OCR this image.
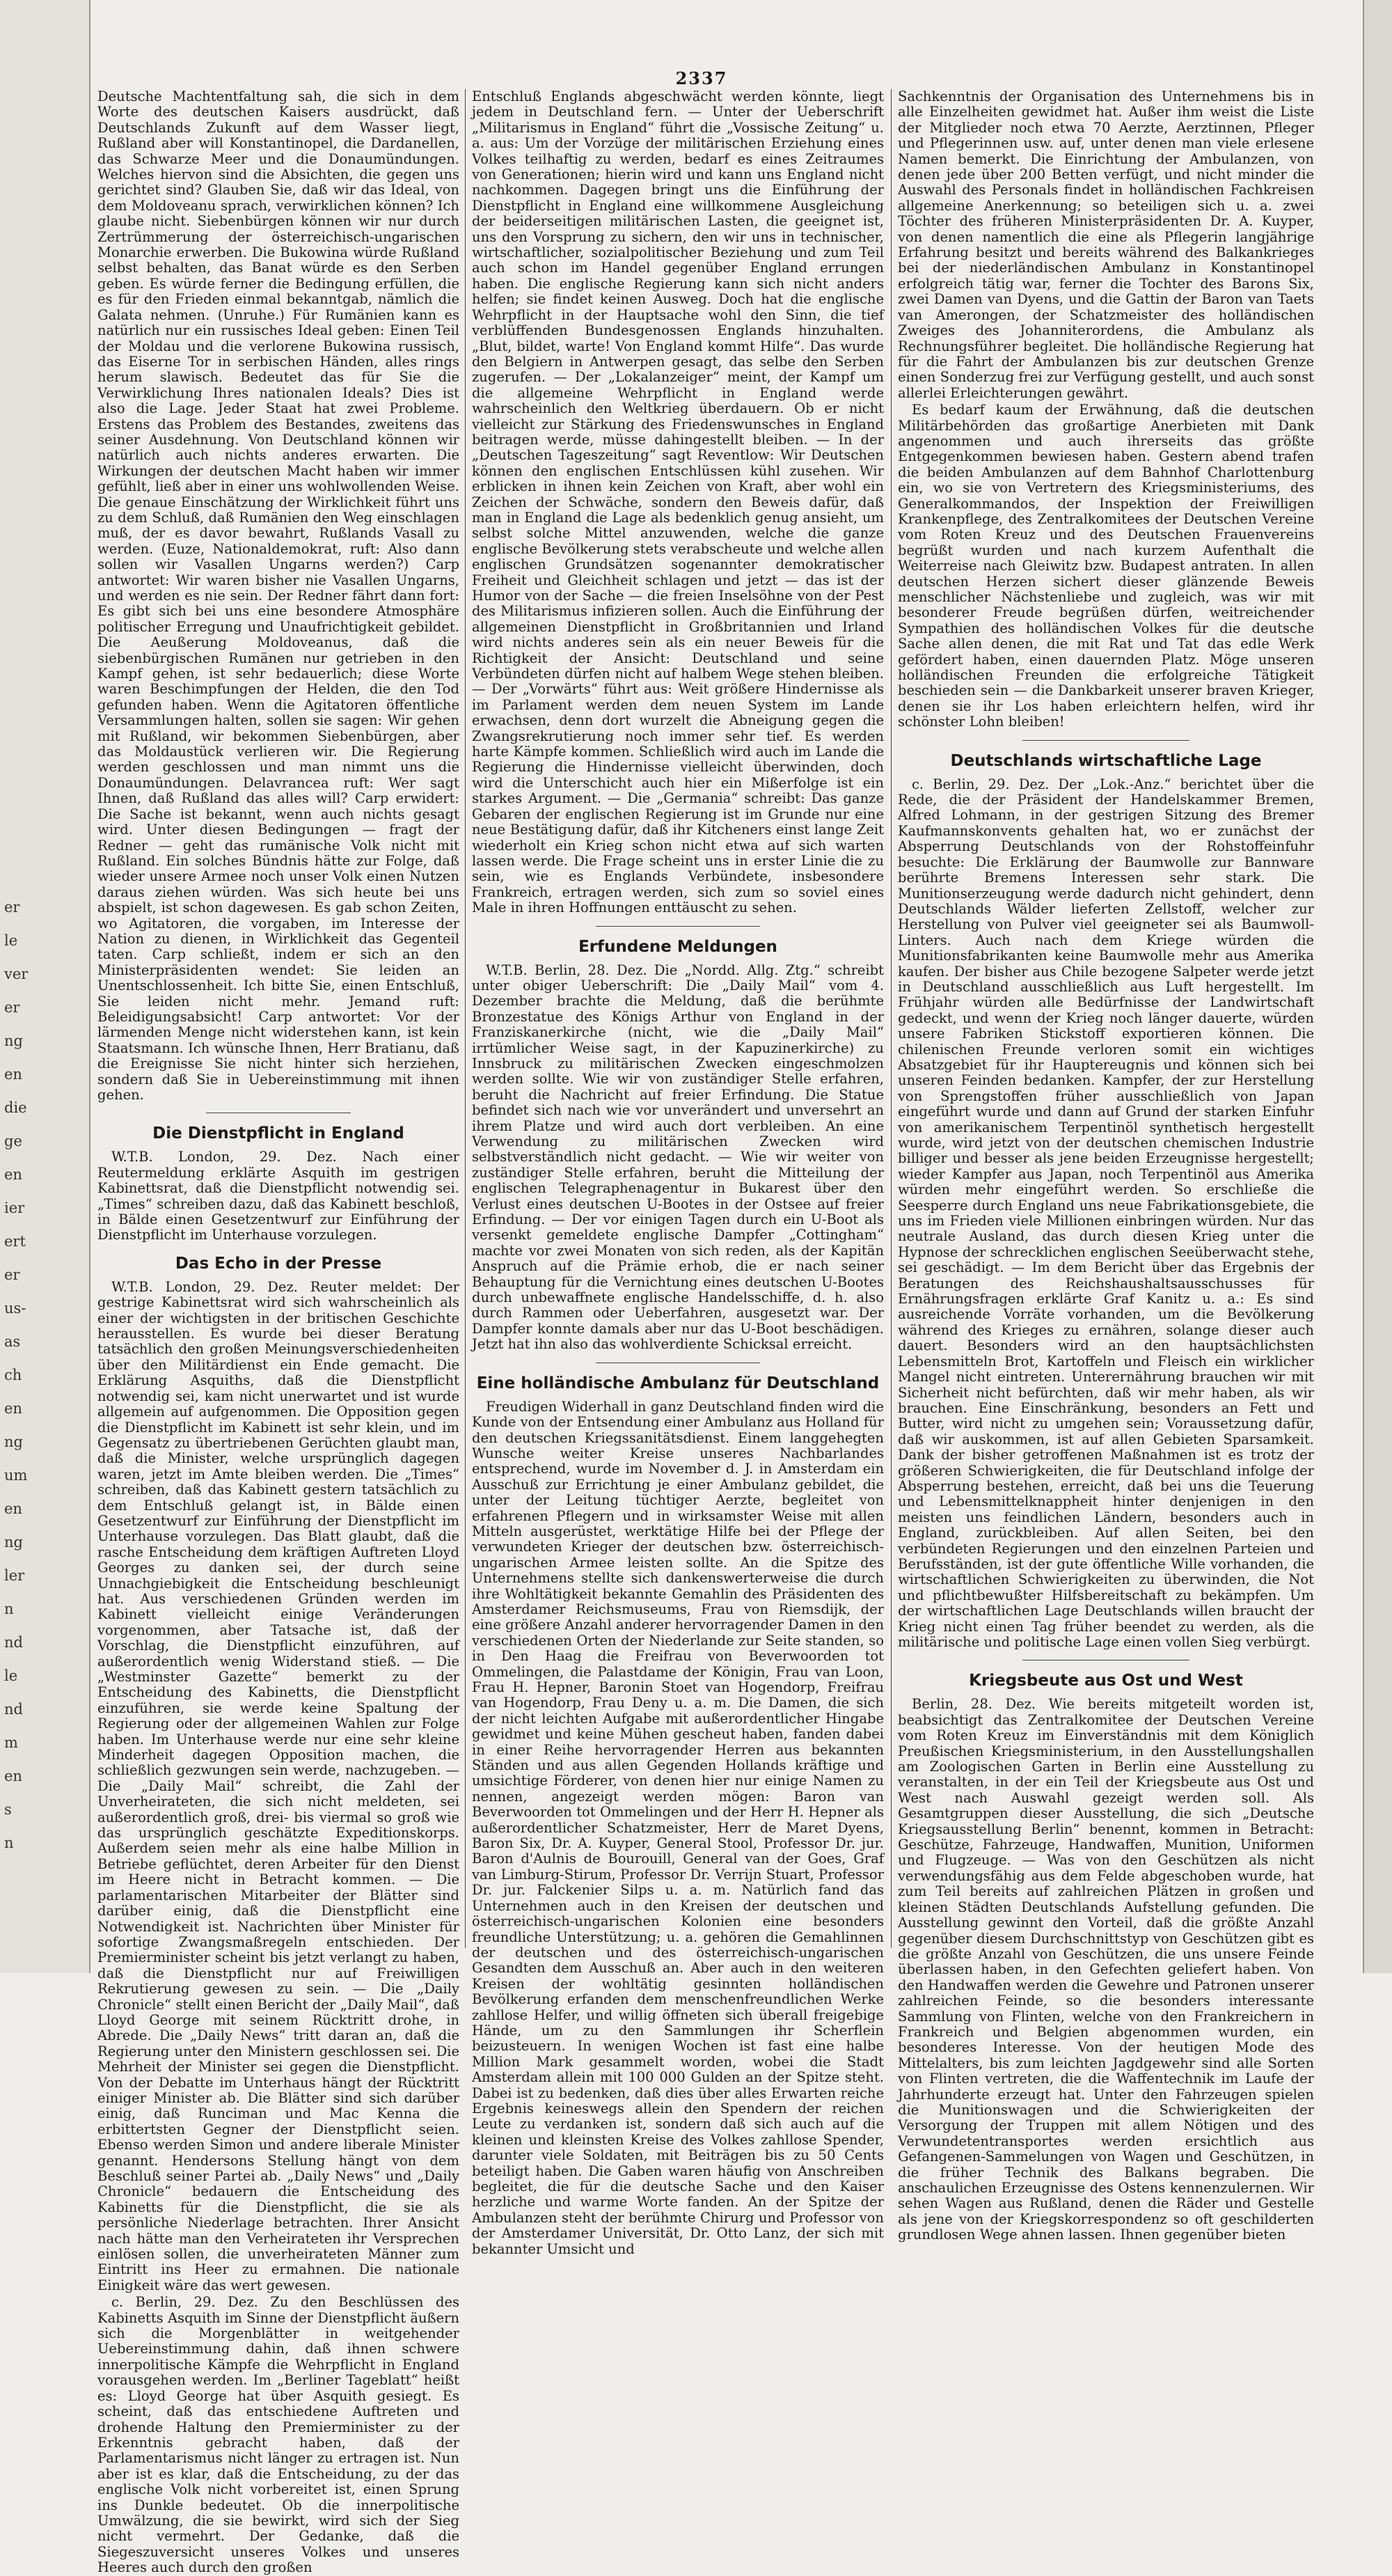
er
le
ver
er
ng
en
die
ge
en
ier
ert
er
us-
as
ch
en
ng
um
en
ng
ler
n
nd
le
nd
m
en
s
n
2337

Deutsche Machtentfaltung sah, die sich in dem Worte des deutschen Kaisers ausdrückt, daß Deutschlands Zukunft auf dem Wasser liegt, Rußland aber will Konstantinopel, die Dardanellen, das Schwarze Meer und die Donaumündungen. Welches hiervon sind die Absichten, die gegen uns gerichtet sind? Glauben Sie, daß wir das Ideal, von dem Moldoveanu sprach, verwirklichen können? Ich glaube nicht. Siebenbürgen können wir nur durch Zertrümmerung der österreichisch-ungarischen Monarchie erwerben. Die Bukowina würde Rußland selbst behalten, das Banat würde es den Serben geben. Es würde ferner die Bedingung erfüllen, die es für den Frieden einmal bekanntgab, nämlich die Galata nehmen. (Unruhe.) Für Rumänien kann es natürlich nur ein russisches Ideal geben: Einen Teil der Moldau und die verlorene Bukowina russisch, das Eiserne Tor in serbischen Händen, alles rings herum slawisch. Bedeutet das für Sie die Verwirklichung Ihres nationalen Ideals? Dies ist also die Lage. Jeder Staat hat zwei Probleme. Erstens das Problem des Bestandes, zweitens das seiner Ausdehnung. Von Deutschland können wir natürlich auch nichts anderes erwarten. Die Wirkungen der deutschen Macht haben wir immer gefühlt, ließ aber in einer uns wohlwollenden Weise. Die genaue Einschätzung der Wirklichkeit führt uns zu dem Schluß, daß Rumänien den Weg einschlagen muß, der es davor bewahrt, Rußlands Vasall zu werden. (Euze, Nationaldemokrat, ruft: Also dann sollen wir Vasallen Ungarns werden?) Carp antwortet: Wir waren bisher nie Vasallen Ungarns, und werden es nie sein. Der Redner fährt dann fort: Es gibt sich bei uns eine besondere Atmosphäre politischer Erregung und Unaufrichtigkeit gebildet. Die Aeußerung Moldoveanus, daß die siebenbürgischen Rumänen nur getrieben in den Kampf gehen, ist sehr bedauerlich; diese Worte waren Beschimpfungen der Helden, die den Tod gefunden haben. Wenn die Agitatoren öffentliche Versammlungen halten, sollen sie sagen: Wir gehen mit Rußland, wir bekommen Siebenbürgen, aber das Moldaustück verlieren wir. Die Regierung werden geschlossen und man nimmt uns die Donaumündungen. Delavrancea ruft: Wer sagt Ihnen, daß Rußland das alles will? Carp erwidert: Die Sache ist bekannt, wenn auch nichts gesagt wird. Unter diesen Bedingungen — fragt der Redner — geht das rumänische Volk nicht mit Rußland. Ein solches Bündnis hätte zur Folge, daß wieder unsere Armee noch unser Volk einen Nutzen daraus ziehen würden. Was sich heute bei uns abspielt, ist schon dagewesen. Es gab schon Zeiten, wo Agitatoren, die vorgaben, im Interesse der Nation zu dienen, in Wirklichkeit das Gegenteil taten. Carp schließt, indem er sich an den Ministerpräsidenten wendet: Sie leiden an Unentschlossenheit. Ich bitte Sie, einen Entschluß, Sie leiden nicht mehr. Jemand ruft: Beleidigungsabsicht! Carp antwortet: Vor der lärmenden Menge nicht widerstehen kann, ist kein Staatsmann. Ich wünsche Ihnen, Herr Bratianu, daß die Ereignisse Sie nicht hinter sich herziehen, sondern daß Sie in Uebereinstimmung mit ihnen gehen.

Die Dienstpflicht in England

W.T.B. London, 29. Dez. Nach einer Reutermeldung erklärte Asquith im gestrigen Kabinettsrat, daß die Dienstpflicht notwendig sei. „Times“ schreiben dazu, daß das Kabinett beschloß, in Bälde einen Gesetzentwurf zur Einführung der Dienstpflicht im Unterhause vorzulegen.

Das Echo in der Presse

W.T.B. London, 29. Dez. Reuter meldet: Der gestrige Kabinettsrat wird sich wahrscheinlich als einer der wichtigsten in der britischen Geschichte herausstellen. Es wurde bei dieser Beratung tatsächlich den großen Meinungsverschiedenheiten über den Militärdienst ein Ende gemacht. Die Erklärung Asquiths, daß die Dienstpflicht notwendig sei, kam nicht unerwartet und ist wurde allgemein auf aufgenommen. Die Opposition gegen die Dienstpflicht im Kabinett ist sehr klein, und im Gegensatz zu übertriebenen Gerüchten glaubt man, daß die Minister, welche ursprünglich dagegen waren, jetzt im Amte bleiben werden. Die „Times“ schreiben, daß das Kabinett gestern tatsächlich zu dem Entschluß gelangt ist, in Bälde einen Gesetzentwurf zur Einführung der Dienstpflicht im Unterhause vorzulegen. Das Blatt glaubt, daß die rasche Entscheidung dem kräftigen Auftreten Lloyd Georges zu danken sei, der durch seine Unnachgiebigkeit die Entscheidung beschleunigt hat. Aus verschiedenen Gründen werden im Kabinett vielleicht einige Veränderungen vorgenommen, aber Tatsache ist, daß der Vorschlag, die Dienstpflicht einzuführen, auf außerordentlich wenig Widerstand stieß. — Die „Westminster Gazette“ bemerkt zu der Entscheidung des Kabinetts, die Dienstpflicht einzuführen, sie werde keine Spaltung der Regierung oder der allgemeinen Wahlen zur Folge haben. Im Unterhause werde nur eine sehr kleine Minderheit dagegen Opposition machen, die schließlich gezwungen sein werde, nachzugeben. — Die „Daily Mail“ schreibt, die Zahl der Unverheirateten, die sich nicht meldeten, sei außerordentlich groß, drei- bis viermal so groß wie das ursprünglich geschätzte Expeditionskorps. Außerdem seien mehr als eine halbe Million in Betriebe geflüchtet, deren Arbeiter für den Dienst im Heere nicht in Betracht kommen. — Die parlamentarischen Mitarbeiter der Blätter sind darüber einig, daß die Dienstpflicht eine Notwendigkeit ist. Nachrichten über Minister für sofortige Zwangsmaßregeln entschieden. Der Premierminister scheint bis jetzt verlangt zu haben, daß die Dienstpflicht nur auf Freiwilligen Rekrutierung gewesen zu sein. — Die „Daily Chronicle“ stellt einen Bericht der „Daily Mail“, daß Lloyd George mit seinem Rücktritt drohe, in Abrede. Die „Daily News“ tritt daran an, daß die Regierung unter den Ministern geschlossen sei. Die Mehrheit der Minister sei gegen die Dienstpflicht. Von der Debatte im Unterhaus hängt der Rücktritt einiger Minister ab. Die Blätter sind sich darüber einig, daß Runciman und Mac Kenna die erbittertsten Gegner der Dienstpflicht seien. Ebenso werden Simon und andere liberale Minister genannt. Hendersons Stellung hängt von dem Beschluß seiner Partei ab. „Daily News“ und „Daily Chronicle“ bedauern die Entscheidung des Kabinetts für die Dienstpflicht, die sie als persönliche Niederlage betrachten. Ihrer Ansicht nach hätte man den Verheirateten ihr Versprechen einlösen sollen, die unverheirateten Männer zum Eintritt ins Heer zu ermahnen. Die nationale Einigkeit wäre das wert gewesen.

c. Berlin, 29. Dez. Zu den Beschlüssen des Kabinetts Asquith im Sinne der Dienstpflicht äußern sich die Morgenblätter in weitgehender Uebereinstimmung dahin, daß ihnen schwere innerpolitische Kämpfe die Wehrpflicht in England vorausgehen werden. Im „Berliner Tageblatt“ heißt es: Lloyd George hat über Asquith gesiegt. Es scheint, daß das entschiedene Auftreten und drohende Haltung den Premierminister zu der Erkenntnis gebracht haben, daß der Parlamentarismus nicht länger zu ertragen ist. Nun aber ist es klar, daß die Entscheidung, zu der das englische Volk nicht vorbereitet ist, einen Sprung ins Dunkle bedeutet. Ob die innerpolitische Umwälzung, die sie bewirkt, wird sich der Sieg nicht vermehrt. Der Gedanke, daß die Siegeszuversicht unseres Volkes und unseres Heeres auch durch den großen

Entschluß Englands abgeschwächt werden könnte, liegt jedem in Deutschland fern. — Unter der Ueberschrift „Militarismus in England“ führt die „Vossische Zeitung“ u. a. aus: Um der Vorzüge der militärischen Erziehung eines Volkes teilhaftig zu werden, bedarf es eines Zeitraumes von Generationen; hierin wird und kann uns England nicht nachkommen. Dagegen bringt uns die Einführung der Dienstpflicht in England eine willkommene Ausgleichung der beiderseitigen militärischen Lasten, die geeignet ist, uns den Vorsprung zu sichern, den wir uns in technischer, wirtschaftlicher, sozialpolitischer Beziehung und zum Teil auch schon im Handel gegenüber England errungen haben. Die englische Regierung kann sich nicht anders helfen; sie findet keinen Ausweg. Doch hat die englische Wehrpflicht in der Hauptsache wohl den Sinn, die tief verblüffenden Bundesgenossen Englands hinzuhalten. „Blut, bildet, warte! Von England kommt Hilfe“. Das wurde den Belgiern in Antwerpen gesagt, das selbe den Serben zugerufen. — Der „Lokalanzeiger“ meint, der Kampf um die allgemeine Wehrpflicht in England werde wahrscheinlich den Weltkrieg überdauern. Ob er nicht vielleicht zur Stärkung des Friedenswunsches in England beitragen werde, müsse dahingestellt bleiben. — In der „Deutschen Tageszeitung“ sagt Reventlow: Wir Deutschen können den englischen Entschlüssen kühl zusehen. Wir erblicken in ihnen kein Zeichen von Kraft, aber wohl ein Zeichen der Schwäche, sondern den Beweis dafür, daß man in England die Lage als bedenklich genug ansieht, um selbst solche Mittel anzuwenden, welche die ganze englische Bevölkerung stets verabscheute und welche allen englischen Grundsätzen sogenannter demokratischer Freiheit und Gleichheit schlagen und jetzt — das ist der Humor von der Sache — die freien Inselsöhne von der Pest des Militarismus infizieren sollen. Auch die Einführung der allgemeinen Dienstpflicht in Großbritannien und Irland wird nichts anderes sein als ein neuer Beweis für die Richtigkeit der Ansicht: Deutschland und seine Verbündeten dürfen nicht auf halbem Wege stehen bleiben. — Der „Vorwärts“ führt aus: Weit größere Hindernisse als im Parlament werden dem neuen System im Lande erwachsen, denn dort wurzelt die Abneigung gegen die Zwangsrekrutierung noch immer sehr tief. Es werden harte Kämpfe kommen. Schließlich wird auch im Lande die Regierung die Hindernisse vielleicht überwinden, doch wird die Unterschicht auch hier ein Mißerfolge ist ein starkes Argument. — Die „Germania“ schreibt: Das ganze Gebaren der englischen Regierung ist im Grunde nur eine neue Bestätigung dafür, daß ihr Kitcheners einst lange Zeit wiederholt ein Krieg schon nicht etwa auf sich warten lassen werde. Die Frage scheint uns in erster Linie die zu sein, wie es Englands Verbündete, insbesondere Frankreich, ertragen werden, sich zum so soviel eines Male in ihren Hoffnungen enttäuscht zu sehen.

Erfundene Meldungen

W.T.B. Berlin, 28. Dez. Die „Nordd. Allg. Ztg.“ schreibt unter obiger Ueberschrift: Die „Daily Mail“ vom 4. Dezember brachte die Meldung, daß die berühmte Bronzestatue des Königs Arthur von England in der Franziskanerkirche (nicht, wie die „Daily Mail“ irrtümlicher Weise sagt, in der Kapuzinerkirche) zu Innsbruck zu militärischen Zwecken eingeschmolzen werden sollte. Wie wir von zuständiger Stelle erfahren, beruht die Nachricht auf freier Erfindung. Die Statue befindet sich nach wie vor unverändert und unversehrt an ihrem Platze und wird auch dort verbleiben. An eine Verwendung zu militärischen Zwecken wird selbstverständlich nicht gedacht. — Wie wir weiter von zuständiger Stelle erfahren, beruht die Mitteilung der englischen Telegraphenagentur in Bukarest über den Verlust eines deutschen U-Bootes in der Ostsee auf freier Erfindung. — Der vor einigen Tagen durch ein U-Boot als versenkt gemeldete englische Dampfer „Cottingham“ machte vor zwei Monaten von sich reden, als der Kapitän Anspruch auf die Prämie erhob, die er nach seiner Behauptung für die Vernichtung eines deutschen U-Bootes durch unbewaffnete englische Handelsschiffe, d. h. also durch Rammen oder Ueberfahren, ausgesetzt war. Der Dampfer konnte damals aber nur das U-Boot beschädigen. Jetzt hat ihn also das wohlverdiente Schicksal erreicht.

Eine holländische Ambulanz für Deutschland

Freudigen Widerhall in ganz Deutschland finden wird die Kunde von der Entsendung einer Ambulanz aus Holland für den deutschen Kriegssanitätsdienst. Einem langgehegten Wunsche weiter Kreise unseres Nachbarlandes entsprechend, wurde im November d. J. in Amsterdam ein Ausschuß zur Errichtung je einer Ambulanz gebildet, die unter der Leitung tüchtiger Aerzte, begleitet von erfahrenen Pflegern und in wirksamster Weise mit allen Mitteln ausgerüstet, werktätige Hilfe bei der Pflege der verwundeten Krieger der deutschen bzw. österreichisch-ungarischen Armee leisten sollte. An die Spitze des Unternehmens stellte sich dankenswerterweise die durch ihre Wohltätigkeit bekannte Gemahlin des Präsidenten des Amsterdamer Reichsmuseums, Frau von Riemsdijk, der eine größere Anzahl anderer hervorragender Damen in den verschiedenen Orten der Niederlande zur Seite standen, so in Den Haag die Freifrau von Beverwoorden tot Ommelingen, die Palastdame der Königin, Frau van Loon, Frau H. Hepner, Baronin Stoet van Hogendorp, Freifrau van Hogendorp, Frau Deny u. a. m. Die Damen, die sich der nicht leichten Aufgabe mit außerordentlicher Hingabe gewidmet und keine Mühen gescheut haben, fanden dabei in einer Reihe hervorragender Herren aus bekannten Ständen und aus allen Gegenden Hollands kräftige und umsichtige Förderer, von denen hier nur einige Namen zu nennen, angezeigt werden mögen: Baron van Beverwoorden tot Ommelingen und der Herr H. Hepner als außerordentlicher Schatzmeister, Herr de Maret Dyens, Baron Six, Dr. A. Kuyper, General Stool, Professor Dr. jur. Baron d'Aulnis de Bourouill, General van der Goes, Graf van Limburg-Stirum, Professor Dr. Verrijn Stuart, Professor Dr. jur. Falckenier Silps u. a. m. Natürlich fand das Unternehmen auch in den Kreisen der deutschen und österreichisch-ungarischen Kolonien eine besonders freundliche Unterstützung; u. a. gehören die Gemahlinnen der deutschen und des österreichisch-ungarischen Gesandten dem Ausschuß an. Aber auch in den weiteren Kreisen der wohltätig gesinnten holländischen Bevölkerung erfanden dem menschenfreundlichen Werke zahllose Helfer, und willig öffneten sich überall freigebige Hände, um zu den Sammlungen ihr Scherflein beizusteuern. In wenigen Wochen ist fast eine halbe Million Mark gesammelt worden, wobei die Stadt Amsterdam allein mit 100 000 Gulden an der Spitze steht. Dabei ist zu bedenken, daß dies über alles Erwarten reiche Ergebnis keineswegs allein den Spendern der reichen Leute zu verdanken ist, sondern daß sich auch auf die kleinen und kleinsten Kreise des Volkes zahllose Spender, darunter viele Soldaten, mit Beiträgen bis zu 50 Cents beteiligt haben. Die Gaben waren häufig von Anschreiben begleitet, die für die deutsche Sache und den Kaiser herzliche und warme Worte fanden. An der Spitze der Ambulanzen steht der berühmte Chirurg und Professor von der Amsterdamer Universität, Dr. Otto Lanz, der sich mit bekannter Umsicht und

Sachkenntnis der Organisation des Unternehmens bis in alle Einzelheiten gewidmet hat. Außer ihm weist die Liste der Mitglieder noch etwa 70 Aerzte, Aerztinnen, Pfleger und Pflegerinnen usw. auf, unter denen man viele erlesene Namen bemerkt. Die Einrichtung der Ambulanzen, von denen jede über 200 Betten verfügt, und nicht minder die Auswahl des Personals findet in holländischen Fachkreisen allgemeine Anerkennung; so beteiligen sich u. a. zwei Töchter des früheren Ministerpräsidenten Dr. A. Kuyper, von denen namentlich die eine als Pflegerin langjährige Erfahrung besitzt und bereits während des Balkankrieges bei der niederländischen Ambulanz in Konstantinopel erfolgreich tätig war, ferner die Tochter des Barons Six, zwei Damen van Dyens, und die Gattin der Baron van Taets van Amerongen, der Schatzmeister des holländischen Zweiges des Johanniterordens, die Ambulanz als Rechnungsführer begleitet. Die holländische Regierung hat für die Fahrt der Ambulanzen bis zur deutschen Grenze einen Sonderzug frei zur Verfügung gestellt, und auch sonst allerlei Erleichterungen gewährt.

Es bedarf kaum der Erwähnung, daß die deutschen Militärbehörden das großartige Anerbieten mit Dank angenommen und auch ihrerseits das größte Entgegenkommen bewiesen haben. Gestern abend trafen die beiden Ambulanzen auf dem Bahnhof Charlottenburg ein, wo sie von Vertretern des Kriegsministeriums, des Generalkommandos, der Inspektion der Freiwilligen Krankenpflege, des Zentralkomitees der Deutschen Vereine vom Roten Kreuz und des Deutschen Frauenvereins begrüßt wurden und nach kurzem Aufenthalt die Weiterreise nach Gleiwitz bzw. Budapest antraten. In allen deutschen Herzen sichert dieser glänzende Beweis menschlicher Nächstenliebe und zugleich, was wir mit besonderer Freude begrüßen dürfen, weitreichender Sympathien des holländischen Volkes für die deutsche Sache allen denen, die mit Rat und Tat das edle Werk gefördert haben, einen dauernden Platz. Möge unseren holländischen Freunden die erfolgreiche Tätigkeit beschieden sein — die Dankbarkeit unserer braven Krieger, denen sie ihr Los haben erleichtern helfen, wird ihr schönster Lohn bleiben!

Deutschlands wirtschaftliche Lage

c. Berlin, 29. Dez. Der „Lok.-Anz.“ berichtet über die Rede, die der Präsident der Handelskammer Bremen, Alfred Lohmann, in der gestrigen Sitzung des Bremer Kaufmannskonvents gehalten hat, wo er zunächst der Absperrung Deutschlands von der Rohstoffeinfuhr besuchte: Die Erklärung der Baumwolle zur Bannware berührte Bremens Interessen sehr stark. Die Munitionserzeugung werde dadurch nicht gehindert, denn Deutschlands Wälder lieferten Zellstoff, welcher zur Herstellung von Pulver viel geeigneter sei als Baumwoll-Linters. Auch nach dem Kriege würden die Munitionsfabrikanten keine Baumwolle mehr aus Amerika kaufen. Der bisher aus Chile bezogene Salpeter werde jetzt in Deutschland ausschließlich aus Luft hergestellt. Im Frühjahr würden alle Bedürfnisse der Landwirtschaft gedeckt, und wenn der Krieg noch länger dauerte, würden unsere Fabriken Stickstoff exportieren können. Die chilenischen Freunde verloren somit ein wichtiges Absatzgebiet für ihr Hauptereugnis und können sich bei unseren Feinden bedanken. Kampfer, der zur Herstellung von Sprengstoffen früher ausschließlich von Japan eingeführt wurde und dann auf Grund der starken Einfuhr von amerikanischem Terpentinöl synthetisch hergestellt wurde, wird jetzt von der deutschen chemischen Industrie billiger und besser als jene beiden Erzeugnisse hergestellt; wieder Kampfer aus Japan, noch Terpentinöl aus Amerika würden mehr eingeführt werden. So erschließe die Seesperre durch England uns neue Fabrikationsgebiete, die uns im Frieden viele Millionen einbringen würden. Nur das neutrale Ausland, das durch diesen Krieg unter die Hypnose der schrecklichen englischen Seeüberwacht stehe, sei geschädigt. — Im dem Bericht über das Ergebnis der Beratungen des Reichshaushaltsausschusses für Ernährungsfragen erklärte Graf Kanitz u. a.: Es sind ausreichende Vorräte vorhanden, um die Bevölkerung während des Krieges zu ernähren, solange dieser auch dauert. Besonders wird an den hauptsächlichsten Lebensmitteln Brot, Kartoffeln und Fleisch ein wirklicher Mangel nicht eintreten. Unterernährung brauchen wir mit Sicherheit nicht befürchten, daß wir mehr haben, als wir brauchen. Eine Einschränkung, besonders an Fett und Butter, wird nicht zu umgehen sein; Voraussetzung dafür, daß wir auskommen, ist auf allen Gebieten Sparsamkeit. Dank der bisher getroffenen Maßnahmen ist es trotz der größeren Schwierigkeiten, die für Deutschland infolge der Absperrung bestehen, erreicht, daß bei uns die Teuerung und Lebensmittelknappheit hinter denjenigen in den meisten uns feindlichen Ländern, besonders auch in England, zurückbleiben. Auf allen Seiten, bei den verbündeten Regierungen und den einzelnen Parteien und Berufsständen, ist der gute öffentliche Wille vorhanden, die wirtschaftlichen Schwierigkeiten zu überwinden, die Not und pflichtbewußter Hilfsbereitschaft zu bekämpfen. Um der wirtschaftlichen Lage Deutschlands willen braucht der Krieg nicht einen Tag früher beendet zu werden, als die militärische und politische Lage einen vollen Sieg verbürgt.

Kriegsbeute aus Ost und West

Berlin, 28. Dez. Wie bereits mitgeteilt worden ist, beabsichtigt das Zentralkomitee der Deutschen Vereine vom Roten Kreuz im Einverständnis mit dem Königlich Preußischen Kriegsministerium, in den Ausstellungshallen am Zoologischen Garten in Berlin eine Ausstellung zu veranstalten, in der ein Teil der Kriegsbeute aus Ost und West nach Auswahl gezeigt werden soll. Als Gesamtgruppen dieser Ausstellung, die sich „Deutsche Kriegsausstellung Berlin“ benennt, kommen in Betracht: Geschütze, Fahrzeuge, Handwaffen, Munition, Uniformen und Flugzeuge. — Was von den Geschützen als nicht verwendungsfähig aus dem Felde abgeschoben wurde, hat zum Teil bereits auf zahlreichen Plätzen in großen und kleinen Städten Deutschlands Aufstellung gefunden. Die Ausstellung gewinnt den Vorteil, daß die größte Anzahl gegenüber diesem Durchschnittstyp von Geschützen gibt es die größte Anzahl von Geschützen, die uns unsere Feinde überlassen haben, in den Gefechten geliefert haben. Von den Handwaffen werden die Gewehre und Patronen unserer zahlreichen Feinde, so die besonders interessante Sammlung von Flinten, welche von den Frankreichern in Frankreich und Belgien abgenommen wurden, ein besonderes Interesse. Von der heutigen Mode des Mittelalters, bis zum leichten Jagdgewehr sind alle Sorten von Flinten vertreten, die die Waffentechnik im Laufe der Jahrhunderte erzeugt hat. Unter den Fahrzeugen spielen die Munitionswagen und die Schwierigkeiten der Versorgung der Truppen mit allem Nötigen und des Verwundetentransportes werden ersichtlich aus Gefangenen-Sammelungen von Wagen und Geschützen, in die früher Technik des Balkans begraben. Die anschaulichen Erzeugnisse des Ostens kennenzulernen. Wir sehen Wagen aus Rußland, denen die Räder und Gestelle als jene von der Kriegskorrespondenz so oft geschilderten grundlosen Wege ahnen lassen. Ihnen gegenüber bieten
